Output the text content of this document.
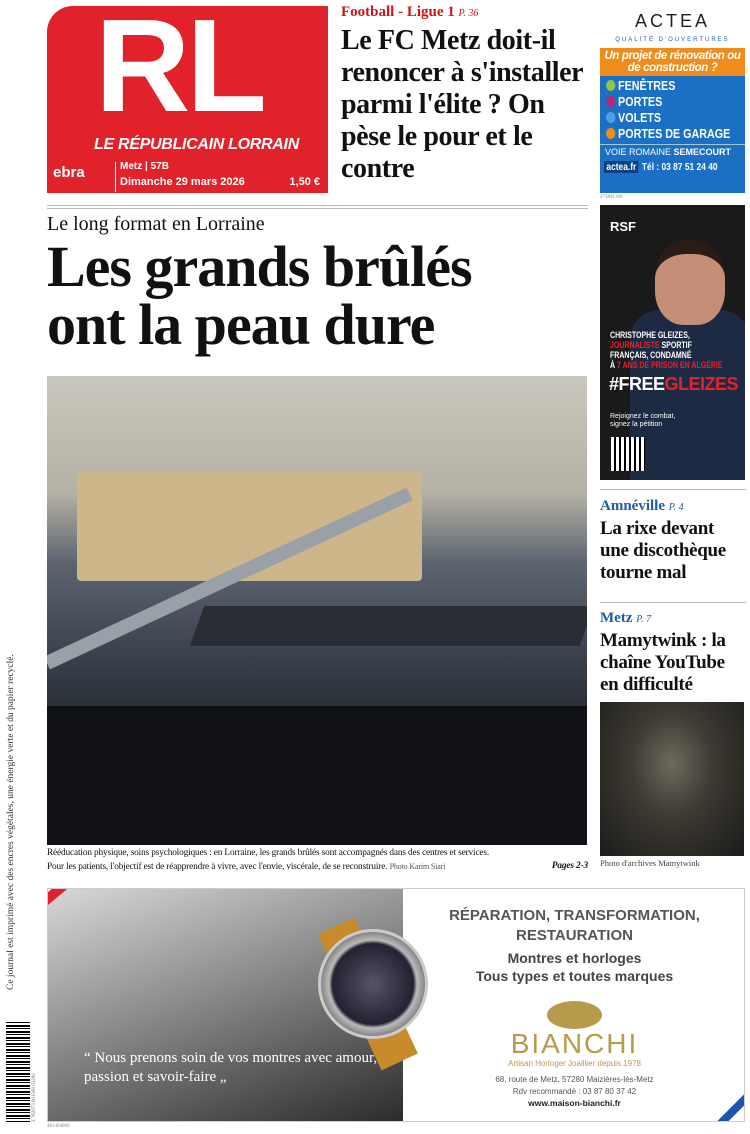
RL
LE RÉPUBLICAIN LORRAIN
ebra	Metz | 57B
Dimanche 29 mars 2026	1,50 €
Football - Ligue 1 P. 36
Le FC Metz doit-il renoncer à s'installer parmi l'élite ? On pèse le pour et le contre
ACTEA
QUALITÉ D'OUVERTURES
Un projet de rénovation ou de construction ?
FENÊTRES
PORTES
VOLETS
PORTES DE GARAGE
VOIE ROMAINE SEMECOURT
actea.fr Tél : 03 87 51 24 40
475891300
Le long format en Lorraine
Les grands brûlés
ont la peau dure
Rééducation physique, soins psychologiques : en Lorraine, les grands brûlés sont accompagnés dans des centres et services.
Pour les patients, l'objectif est de réapprendre à vivre, avec l'envie, viscérale, de se reconstruire. Photo Karim Siari	Pages 2-3
RSF
CHRISTOPHE GLEIZES,
JOURNALISTE SPORTIF
FRANÇAIS, CONDAMNÉ
À 7 ANS DE PRISON EN ALGÉRIE
#FREEGLEIZES
Rejoignez le combat, signez la pétition
Amnéville P. 4
La rixe devant une discothèque tourne mal
Metz P. 7
Mamytwink : la chaîne YouTube en difficulté
Photo d'archives Mamytwink
“ Nous prenons soin de vos montres avec amour, passion et savoir-faire „
RÉPARATION, TRANSFORMATION, RESTAURATION
Montres et horloges
Tous types et toutes marques
BIANCHI
Artisan Horloger Joaillier depuis 1978
68, route de Metz, 57280 Maizières-lès-Metz
Rdv recommandé : 03 87 80 37 42
www.maison-bianchi.fr
481464000
Ce journal est imprimé avec des encres végétales, une énergie verte et du papier recyclé.
3 782073 601500 03290
